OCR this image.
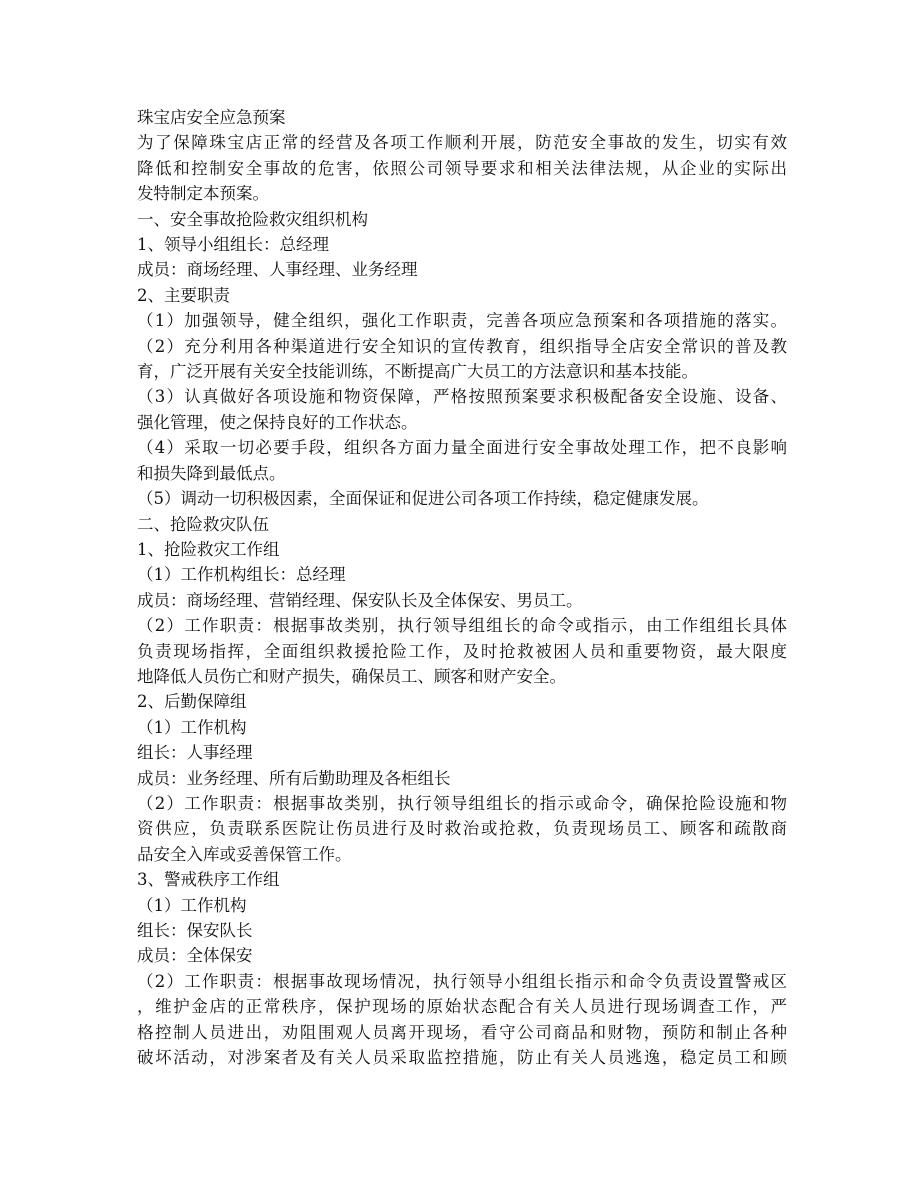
珠宝店安全应急预案
为了保障珠宝店正常的经营及各项工作顺利开展，防范安全事故的发生，切实有效
降低和控制安全事故的危害，依照公司领导要求和相关法律法规，从企业的实际出
发特制定本预案。
一、安全事故抢险救灾组织机构
1、领导小组组长：总经理
成员：商场经理、人事经理、业务经理
2、主要职责
（1）加强领导，健全组织，强化工作职责，完善各项应急预案和各项措施的落实。
（2）充分利用各种渠道进行安全知识的宣传教育，组织指导全店安全常识的普及教
育，广泛开展有关安全技能训练，不断提高广大员工的方法意识和基本技能。
（3）认真做好各项设施和物资保障，严格按照预案要求积极配备安全设施、设备、
强化管理，使之保持良好的工作状态。
（4）采取一切必要手段，组织各方面力量全面进行安全事故处理工作，把不良影响
和损失降到最低点。
（5）调动一切积极因素，全面保证和促进公司各项工作持续，稳定健康发展。
二、抢险救灾队伍
1、抢险救灾工作组
（1）工作机构组长：总经理
成员：商场经理、营销经理、保安队长及全体保安、男员工。
（2）工作职责：根据事故类别，执行领导组组长的命令或指示，由工作组组长具体
负责现场指挥，全面组织救援抢险工作，及时抢救被困人员和重要物资，最大限度
地降低人员伤亡和财产损失，确保员工、顾客和财产安全。
2、后勤保障组
（1）工作机构
组长：人事经理
成员：业务经理、所有后勤助理及各柜组长
（2）工作职责：根据事故类别，执行领导组组长的指示或命令，确保抢险设施和物
资供应，负责联系医院让伤员进行及时救治或抢救，负责现场员工、顾客和疏散商
品安全入库或妥善保管工作。
3、警戒秩序工作组
（1）工作机构
组长：保安队长
成员：全体保安
（2）工作职责：根据事故现场情况，执行领导小组组长指示和命令负责设置警戒区
，维护金店的正常秩序，保护现场的原始状态配合有关人员进行现场调查工作，严
格控制人员进出，劝阻围观人员离开现场，看守公司商品和财物，预防和制止各种
破坏活动，对涉案者及有关人员采取监控措施，防止有关人员逃逸，稳定员工和顾
